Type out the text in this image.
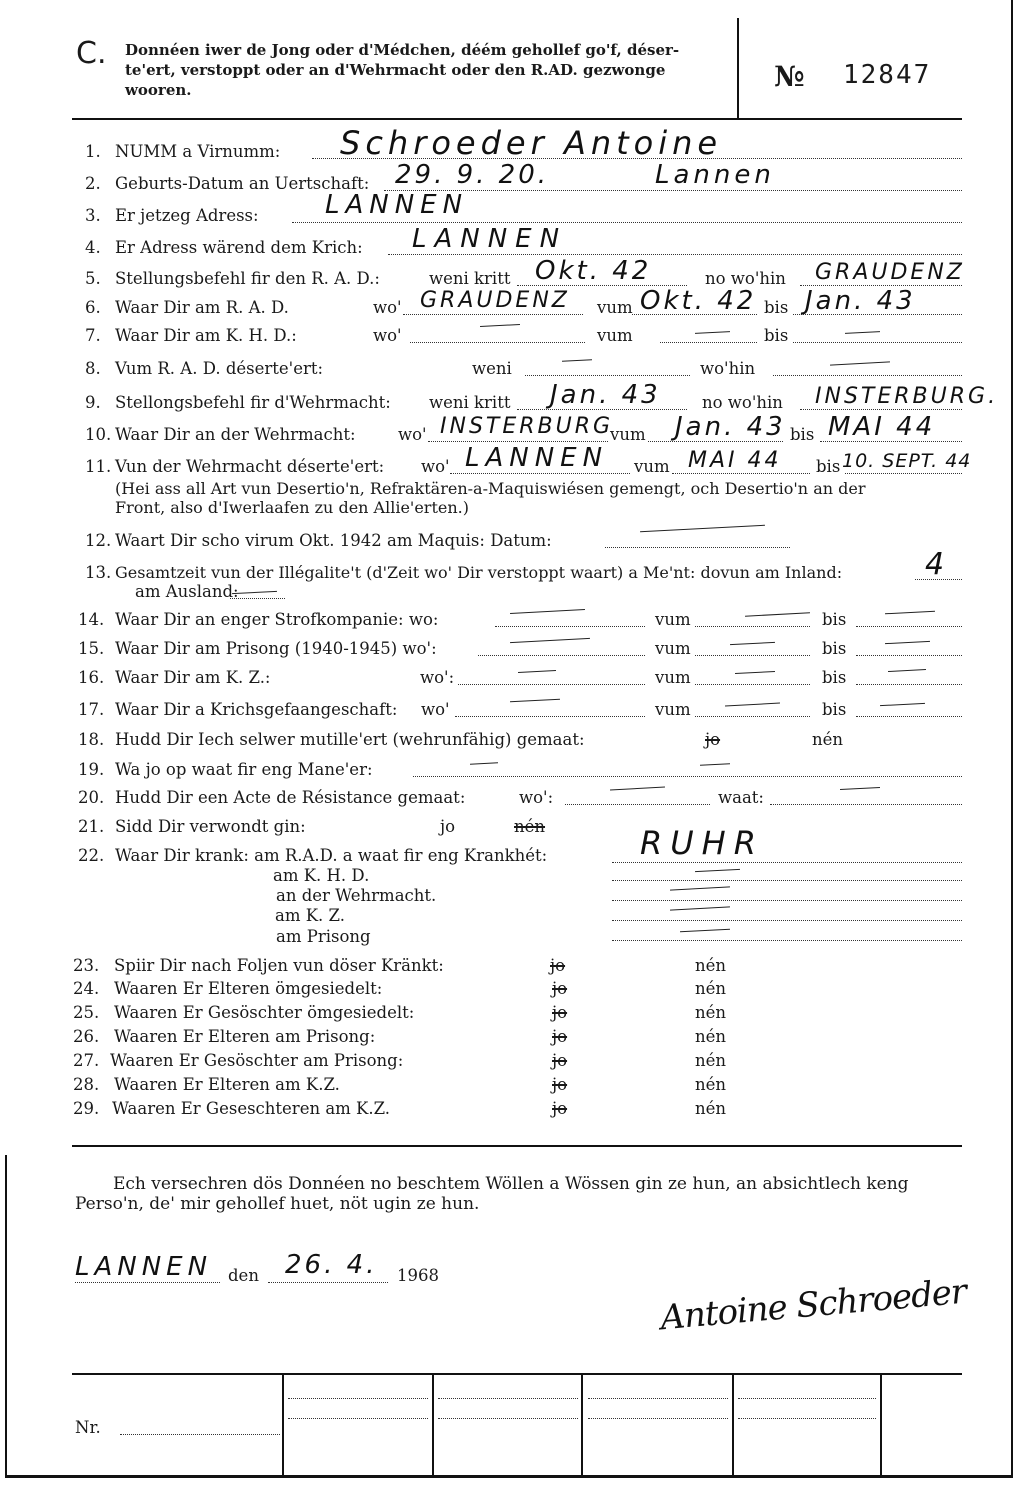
C. Donnéen iwer de Jong oder d'Médchen, déém gehollef go'f, déser-
te'ert, verstoppt oder an d'Wehrmacht oder den R.AD. gezwonge
wooren.	№ 12847
1. NUMM a Virnumm: Schroeder Antoine
2. Geburts-Datum an Uertschaft: 29. 9. 20.	Lannen
3. Er jetzeg Adress:	LANNEN
4. Er Adress wärend dem Krich: LANNEN
5. Stellungsbefehl fir den R. A. D.:	weni kritt Okt. 42	no wo'hin GRAUDENZ
6. Waar Dir am R. A. D.	wo' GRAUDENZ vum Okt. 42 bis Jan. 43
7. Waar Dir am K. H. D.:	wo'	vum	bis
8. Vum R. A. D. déserte'ert:	weni	wo'hin
9. Stellongsbefehl fir d'Wehrmacht: weni kritt Jan. 43	no wo'hin INSTERBURG.
10. Waar Dir an der Wehrmacht:	wo' INSTERBURG
vum Jan. 43 bis MAI 44
11. Vun der Wehrmacht déserte'ert: wo' LANNEN vum MAI 44 bis 10. SEPT. 44
(Hei ass all Art vun Desertio'n, Refraktären-a-Maquiswiésen gemengt, och Desertio'n an der
Front, also d'Iwerlaafen zu den Allie'erten.)
12. Waart Dir scho virum Okt. 1942 am Maquis: Datum:
13. Gesamtzeit vun der Illégalite't (d'Zeit wo' Dir verstoppt waart) a Me'nt: dovun am Inland:	4
am Ausland:
14. Waar Dir an enger Strofkompanie: wo:	vum	bis
15. Waar Dir am Prisong (1940-1945) wo':	vum	bis
16. Waar Dir am K. Z.:	wo':	vum	bis
17. Waar Dir a Krichsgefaangeschaft: wo'	vum	bis
18. Hudd Dir Iech selwer mutille'ert (wehrunfähig) gemaat:	jo	nén
19. Wa jo op waat fir eng Mane'er:
20. Hudd Dir een Acte de Résistance gemaat:	wo':	waat:
21. Sidd Dir verwondt gin:	jo	nén
22. Waar Dir krank: am R.A.D. a waat fir eng Krankhét:	RUHR
am K. H. D.
an der Wehrmacht.
am K. Z.
am Prisong
23. Spiir Dir nach Foljen vun döser Kränkt:	jo	nén
24. Waaren Er Elteren ömgesiedelt:	jo	nén
25. Waaren Er Gesöschter ömgesiedelt:	jo	nén
26. Waaren Er Elteren am Prisong:	jo	nén
27. Waaren Er Gesöschter am Prisong:	jo	nén
28. Waaren Er Elteren am K.Z.	jo	nén
29. Waaren Er Geseschteren am K.Z.	jo	nén
Ech versechren dös Donnéen no beschtem Wöllen a Wössen gin ze hun, an absichtlech keng
Perso'n, de' mir gehollef huet, nöt ugin ze hun.
LANNEN den 26. 4. 1968	Antoine Schroeder
Nr.
